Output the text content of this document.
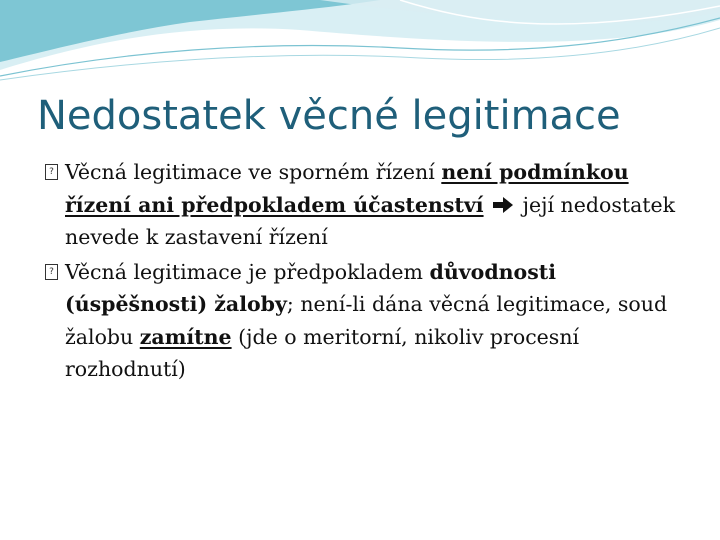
Nedostatek věcné legitimace
? Věcná legitimace ve sporném řízení není podmínkou řízení ani předpokladem účastenství  její nedostatek nevede k zastavení řízení
? Věcná legitimace je předpokladem důvodnosti (úspěšnosti) žaloby; není-li dána věcná legitimace, soud žalobu zamítne (jde o meritorní, nikoliv procesní rozhodnutí)
